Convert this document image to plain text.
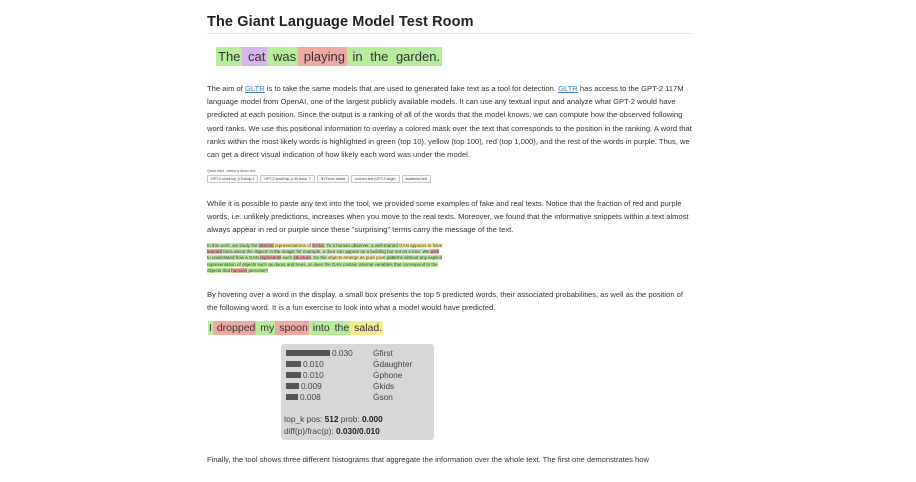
The Giant Language Model Test Room
The cat was playing in the garden.

The aim of GLTR is to take the same models that are used to generated fake text as a tool for detection. GLTR has access to the GPT-2 117M language model from OpenAI, one of the largest publicly available models. It can use any textual input and analyze what GPT-2 would have predicted at each position. Since the output is a ranking of all of the words that the model knows, we can compute how the observed following word ranks. We use this positional information to overlay a colored mask over the text that corresponds to the position in the ranking. A word that ranks within the most likely words is highlighted in green (top 10), yellow (top 100), red (top 1,000), and the rest of the words in purple. Thus, we can get a direct visual indication of how likely each word was under the model.

Quick start - select a demo text:
GPT-2 small top_k 5 temp 1	GPT-2 small top_k 40 temp .7	NYTimes article	unicorn text (GPT-2 large)	academic text

While it is possible to paste any text into the tool, we provided some examples of fake and real texts. Notice that the fraction of red and purple words, i.e. unlikely predictions, increases when you move to the real texts. Moreover, we found that the informative snippets within a text almost always appear in red or purple since these "surprising" terms carry the message of the text.

In this work, we study the internal representations of GANs. To a human observer, a well-trained GAN appears to have learned facts about the objects in the image: for example, a door can appear on a building but not on a tree. We wish to understand how a GAN represents such structure. Do the objects emerge as pure pixel patterns without any explicit representation of objects such as doors and trees, or does the GAN contain internal variables that correspond to the objects that humans perceive?

By hovering over a word in the display, a small box presents the top 5 predicted words, their associated probabilities, as well as the position of the following word. It is a fun exercise to look into what a model would have predicted.

I dropped my spoon into the salad.

Finally, the tool shows three different histograms that aggregate the information over the whole text. The first one demonstrates how

0.030 Ġfirst
0.010	Ġdaughter
0.010	Ġphone
0.009	Ġkids
0.008	Ġson
top_k pos: 512 prob: 0.000
diff(p)/frac(p): 0.030/0.010
